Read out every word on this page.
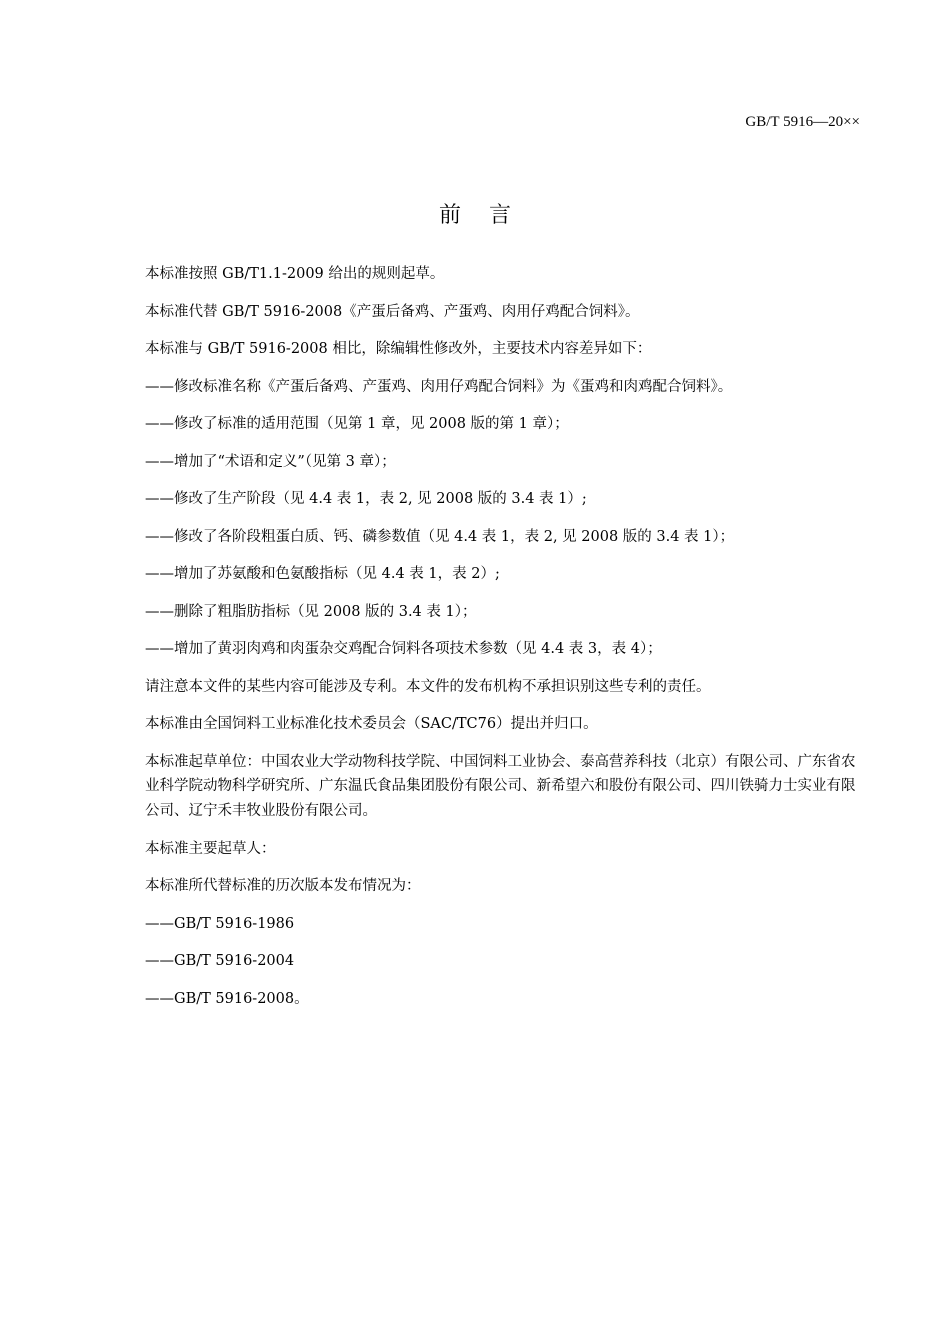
GB/T 5916—20××
前    言

本标准按照 GB/T1.1-2009 给出的规则起草。

本标准代替 GB/T 5916-2008《产蛋后备鸡、产蛋鸡、肉用仔鸡配合饲料》。

本标准与 GB/T 5916-2008 相比，除编辑性修改外，主要技术内容差异如下：

——修改标准名称《产蛋后备鸡、产蛋鸡、肉用仔鸡配合饲料》为《蛋鸡和肉鸡配合饲料》。

——修改了标准的适用范围（见第 1 章，见 2008 版的第 1 章）；

——增加了“术语和定义”（见第 3 章）；

——修改了生产阶段（见 4.4 表 1，表 2, 见 2008 版的 3.4 表 1）;

——修改了各阶段粗蛋白质、钙、磷参数值（见 4.4 表 1，表 2, 见 2008 版的 3.4 表 1）；

——增加了苏氨酸和色氨酸指标（见 4.4 表 1，表 2）;

——删除了粗脂肪指标（见 2008 版的 3.4 表 1）；

——增加了黄羽肉鸡和肉蛋杂交鸡配合饲料各项技术参数（见 4.4 表 3，表 4）；

请注意本文件的某些内容可能涉及专利。本文件的发布机构不承担识别这些专利的责任。

本标准由全国饲料工业标准化技术委员会（SAC/TC76）提出并归口。

本标准起草单位：中国农业大学动物科技学院、中国饲料工业协会、泰高营养科技（北京）有限公司、广东省农业科学院动物科学研究所、广东温氏食品集团股份有限公司、新希望六和股份有限公司、四川铁骑力士实业有限公司、辽宁禾丰牧业股份有限公司。

本标准主要起草人：

本标准所代替标准的历次版本发布情况为：

——GB/T 5916-1986

——GB/T 5916-2004

——GB/T 5916-2008。
